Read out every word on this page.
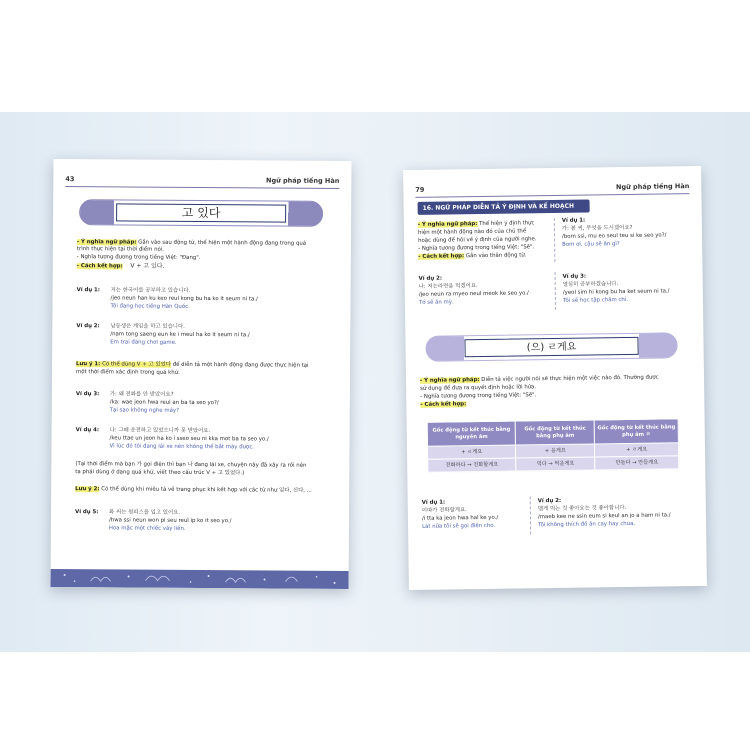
43	Ngữ pháp tiếng Hàn
고 있다
- Ý nghĩa ngữ pháp: Gắn vào sau động từ, thể hiện một hành động đang trong quá
trình thực hiện tại thời điểm nói.
- Nghĩa tương đương trong tiếng Việt: "Đang".
- Cách kết hợp: V + 고 있다.
Ví dụ 1: 저는 한국어를 공부하고 있습니다.
/jeo neun han ku keo reul kong bu ha ko it seum ni ta./
Tôi đang học tiếng Hàn Quốc.
Ví dụ 2: 남동생은 게임을 하고 있습니다.
/nam tong saeng eun ke i meul ha ko it seum ni ta./
Em trai đang chơi game.
Lưu ý 1: Có thể dùng V + 고 있었다 để diễn tả một hành động đang được thực hiện tại
một thời điểm xác định trong quá khứ.
Ví dụ 3: 가: 왜 전화를 안 받았어요?
/ka: wae jeon hwa reul an ba ta seo yo?/
Tại sao không nghe máy?
Ví dụ 4: 나: 그때 운전하고 있었으니까 못 받았어요.
/keu ttae un jeon ha ko i sseo seu ni kka mot ba ta seo yo./
Vì lúc đó tôi đang lái xe nên không thể bắt máy được.
(Tại thời điểm mà bạn 가 gọi điện thì bạn 나 đang lái xe, chuyện này đã xảy ra rồi nên
ta phải dùng ở dạng quá khứ, viết theo cấu trúc V + 고 있었다.)
Lưu ý 2: Có thể dùng khi miêu tả về trang phục khi kết hợp với các từ như 입다, 신다, ...
Ví dụ 5: 화 씨는 원피스를 입고 있어요.
/hwa ssi neun won pi seu reul ip ko it seo yo./
Hoa mặc một chiếc váy liền.
79	Ngữ pháp tiếng Hàn
16. NGỮ PHÁP DIỄN TẢ Ý ĐỊNH VÀ KẾ HOẠCH
- Ý nghĩa ngữ pháp: Thể hiện ý định thực
hiện một hành động nào đó của chủ thể
hoặc dùng để hỏi về ý định của người nghe.
- Nghĩa tương đương trong tiếng Việt: "Sẽ".
- Cách kết hợp: Gắn vào thân động từ.
Ví dụ 1:
가: 봄 씨, 무엇을 드시겠어요?
/bom ssi, mu eo seul teu si ke seo yo?/
Bom ơi, cậu sẽ ăn gì?
Ví dụ 2:
나: 저는라면을 먹겠어요.
/jeo neun ra myeo neul meok ke seo yo./
Tớ sẽ ăn mỳ.
Ví dụ 3:
열심히 공부하겠습니다.
/yeol sim hi kong bu ha ket seum ni ta./
Tôi sẽ học tập chăm chỉ.
(으) ㄹ게요
- Ý nghĩa ngữ pháp: Diễn tả việc người nói sẽ thực hiện một việc nào đó. Thường được
sử dụng để đưa ra quyết định hoặc lời hứa.
- Nghĩa tương đương trong tiếng Việt: "Sẽ".
- Cách kết hợp:
Gốc động từ kết thúc bằng nguyên âm	Gốc động từ kết thúc bằng phụ âm	Gốc động từ kết thúc bằng phụ âm ㄹ
+ ㄹ게요	+ 을게요	+ ㄹ게요
전화하다 → 전화할게요	먹다 → 먹을게요	만들다 → 만들게요
Ví dụ 1:
이따가 전화할게요.
/i tta ka jeon hwa hal ke yo./
Lát nữa tôi sẽ gọi điện cho.
Ví dụ 2:
맵게 먹는 것 좋아요는 것 좋아합니다.
/maeb kee ne ssin eum si keul an jo a ham ni ta./
Tôi không thích đồ ăn cay hay chua.
